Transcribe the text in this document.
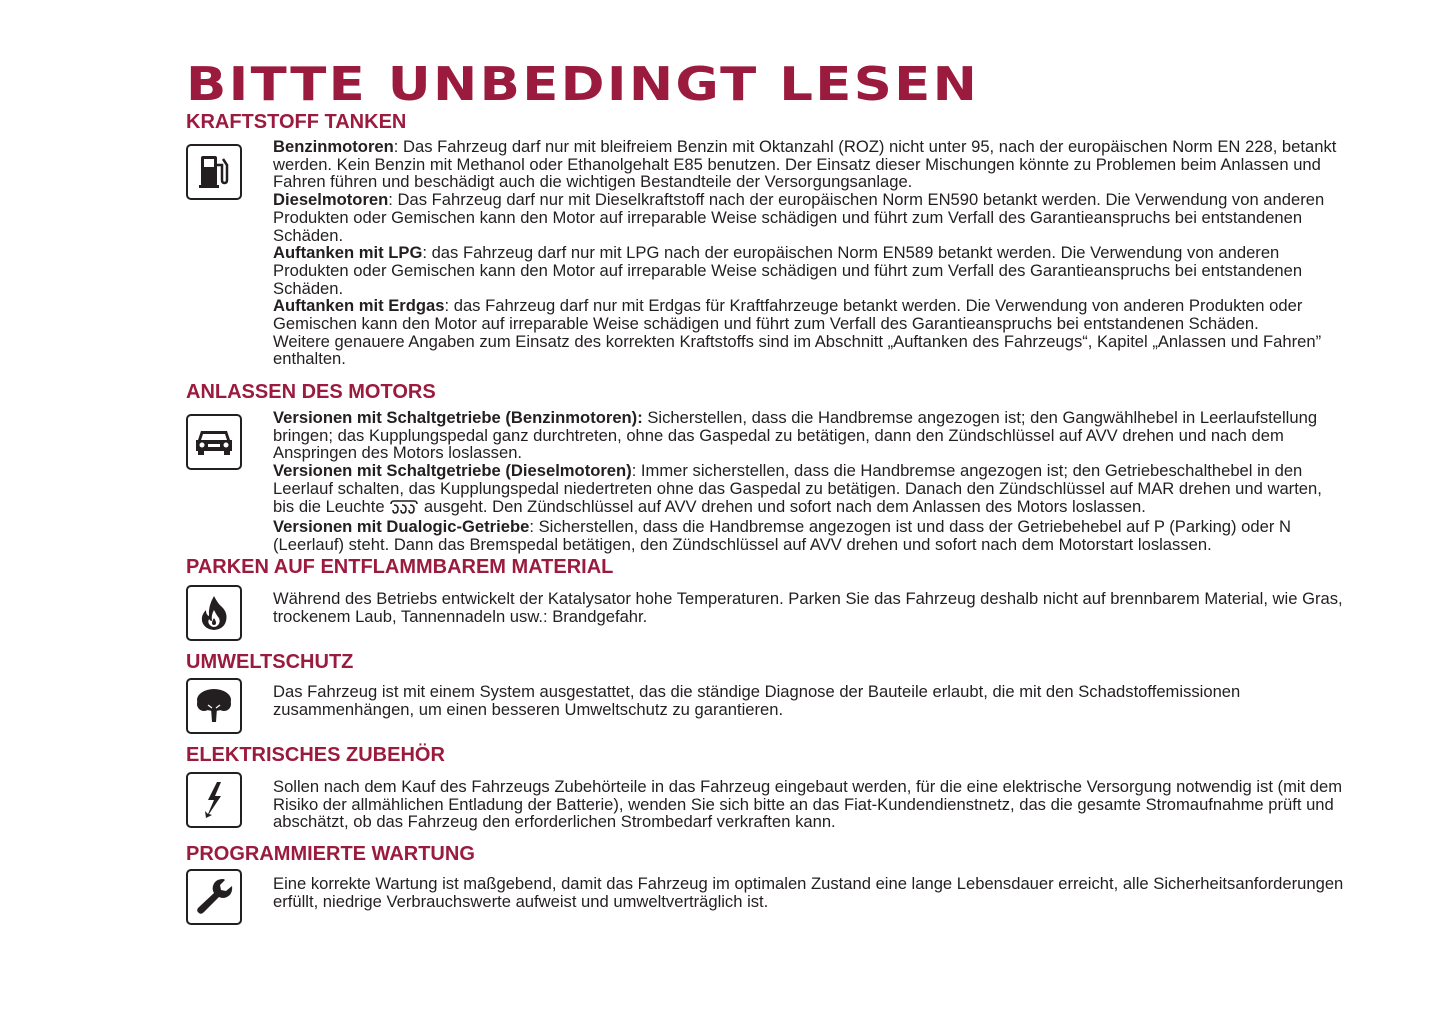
BITTE UNBEDINGT LESEN
KRAFTSTOFF TANKEN

Benzinmotoren: Das Fahrzeug darf nur mit bleifreiem Benzin mit Oktanzahl (ROZ) nicht unter 95, nach der europäischen Norm EN 228, betankt werden. Kein Benzin mit Methanol oder Ethanolgehalt E85 benutzen. Der Einsatz dieser Mischungen könnte zu Problemen beim Anlassen und Fahren führen und beschädigt auch die wichtigen Bestandteile der Versorgungsanlage.

Dieselmotoren: Das Fahrzeug darf nur mit Dieselkraftstoff nach der europäischen Norm EN590 betankt werden. Die Verwendung von anderen Produkten oder Gemischen kann den Motor auf irreparable Weise schädigen und führt zum Verfall des Garantieanspruchs bei entstandenen Schäden.

Auftanken mit LPG: das Fahrzeug darf nur mit LPG nach der europäischen Norm EN589 betankt werden. Die Verwendung von anderen Produkten oder Gemischen kann den Motor auf irreparable Weise schädigen und führt zum Verfall des Garantieanspruchs bei entstandenen Schäden.

Auftanken mit Erdgas: das Fahrzeug darf nur mit Erdgas für Kraftfahrzeuge betankt werden. Die Verwendung von anderen Produkten oder Gemischen kann den Motor auf irreparable Weise schädigen und führt zum Verfall des Garantieanspruchs bei entstandenen Schäden.

Weitere genauere Angaben zum Einsatz des korrekten Kraftstoffs sind im Abschnitt „Auftanken des Fahrzeugs“, Kapitel „Anlassen und Fahren” enthalten.

ANLASSEN DES MOTORS

Versionen mit Schaltgetriebe (Benzinmotoren): Sicherstellen, dass die Handbremse angezogen ist; den Gangwählhebel in Leerlaufstellung bringen; das Kupplungspedal ganz durchtreten, ohne das Gaspedal zu betätigen, dann den Zündschlüssel auf AVV drehen und nach dem Anspringen des Motors loslassen.

Versionen mit Schaltgetriebe (Dieselmotoren): Immer sicherstellen, dass die Handbremse angezogen ist; den Getriebeschalthebel in den Leerlauf schalten, das Kupplungspedal niedertreten ohne das Gaspedal zu betätigen. Danach den Zündschlüssel auf MAR drehen und warten, bis die Leuchte  ausgeht. Den Zündschlüssel auf AVV drehen und sofort nach dem Anlassen des Motors loslassen.

Versionen mit Dualogic-Getriebe: Sicherstellen, dass die Handbremse angezogen ist und dass der Getriebehebel auf P (Parking) oder N (Leerlauf) steht. Dann das Bremspedal betätigen, den Zündschlüssel auf AVV drehen und sofort nach dem Motorstart loslassen.

PARKEN AUF ENTFLAMMBAREM MATERIAL

Während des Betriebs entwickelt der Katalysator hohe Temperaturen. Parken Sie das Fahrzeug deshalb nicht auf brennbarem Material, wie Gras, trockenem Laub, Tannennadeln usw.: Brandgefahr.

UMWELTSCHUTZ

Das Fahrzeug ist mit einem System ausgestattet, das die ständige Diagnose der Bauteile erlaubt, die mit den Schadstoffemissionen zusammenhängen, um einen besseren Umweltschutz zu garantieren.

ELEKTRISCHES ZUBEHÖR

Sollen nach dem Kauf des Fahrzeugs Zubehörteile in das Fahrzeug eingebaut werden, für die eine elektrische Versorgung notwendig ist (mit dem Risiko der allmählichen Entladung der Batterie), wenden Sie sich bitte an das Fiat-Kundendienstnetz, das die gesamte Stromaufnahme prüft und abschätzt, ob das Fahrzeug den erforderlichen Strombedarf verkraften kann.

PROGRAMMIERTE WARTUNG

Eine korrekte Wartung ist maßgebend, damit das Fahrzeug im optimalen Zustand eine lange Lebensdauer erreicht, alle Sicherheitsanforderungen erfüllt, niedrige Verbrauchswerte aufweist und umweltverträglich ist.
